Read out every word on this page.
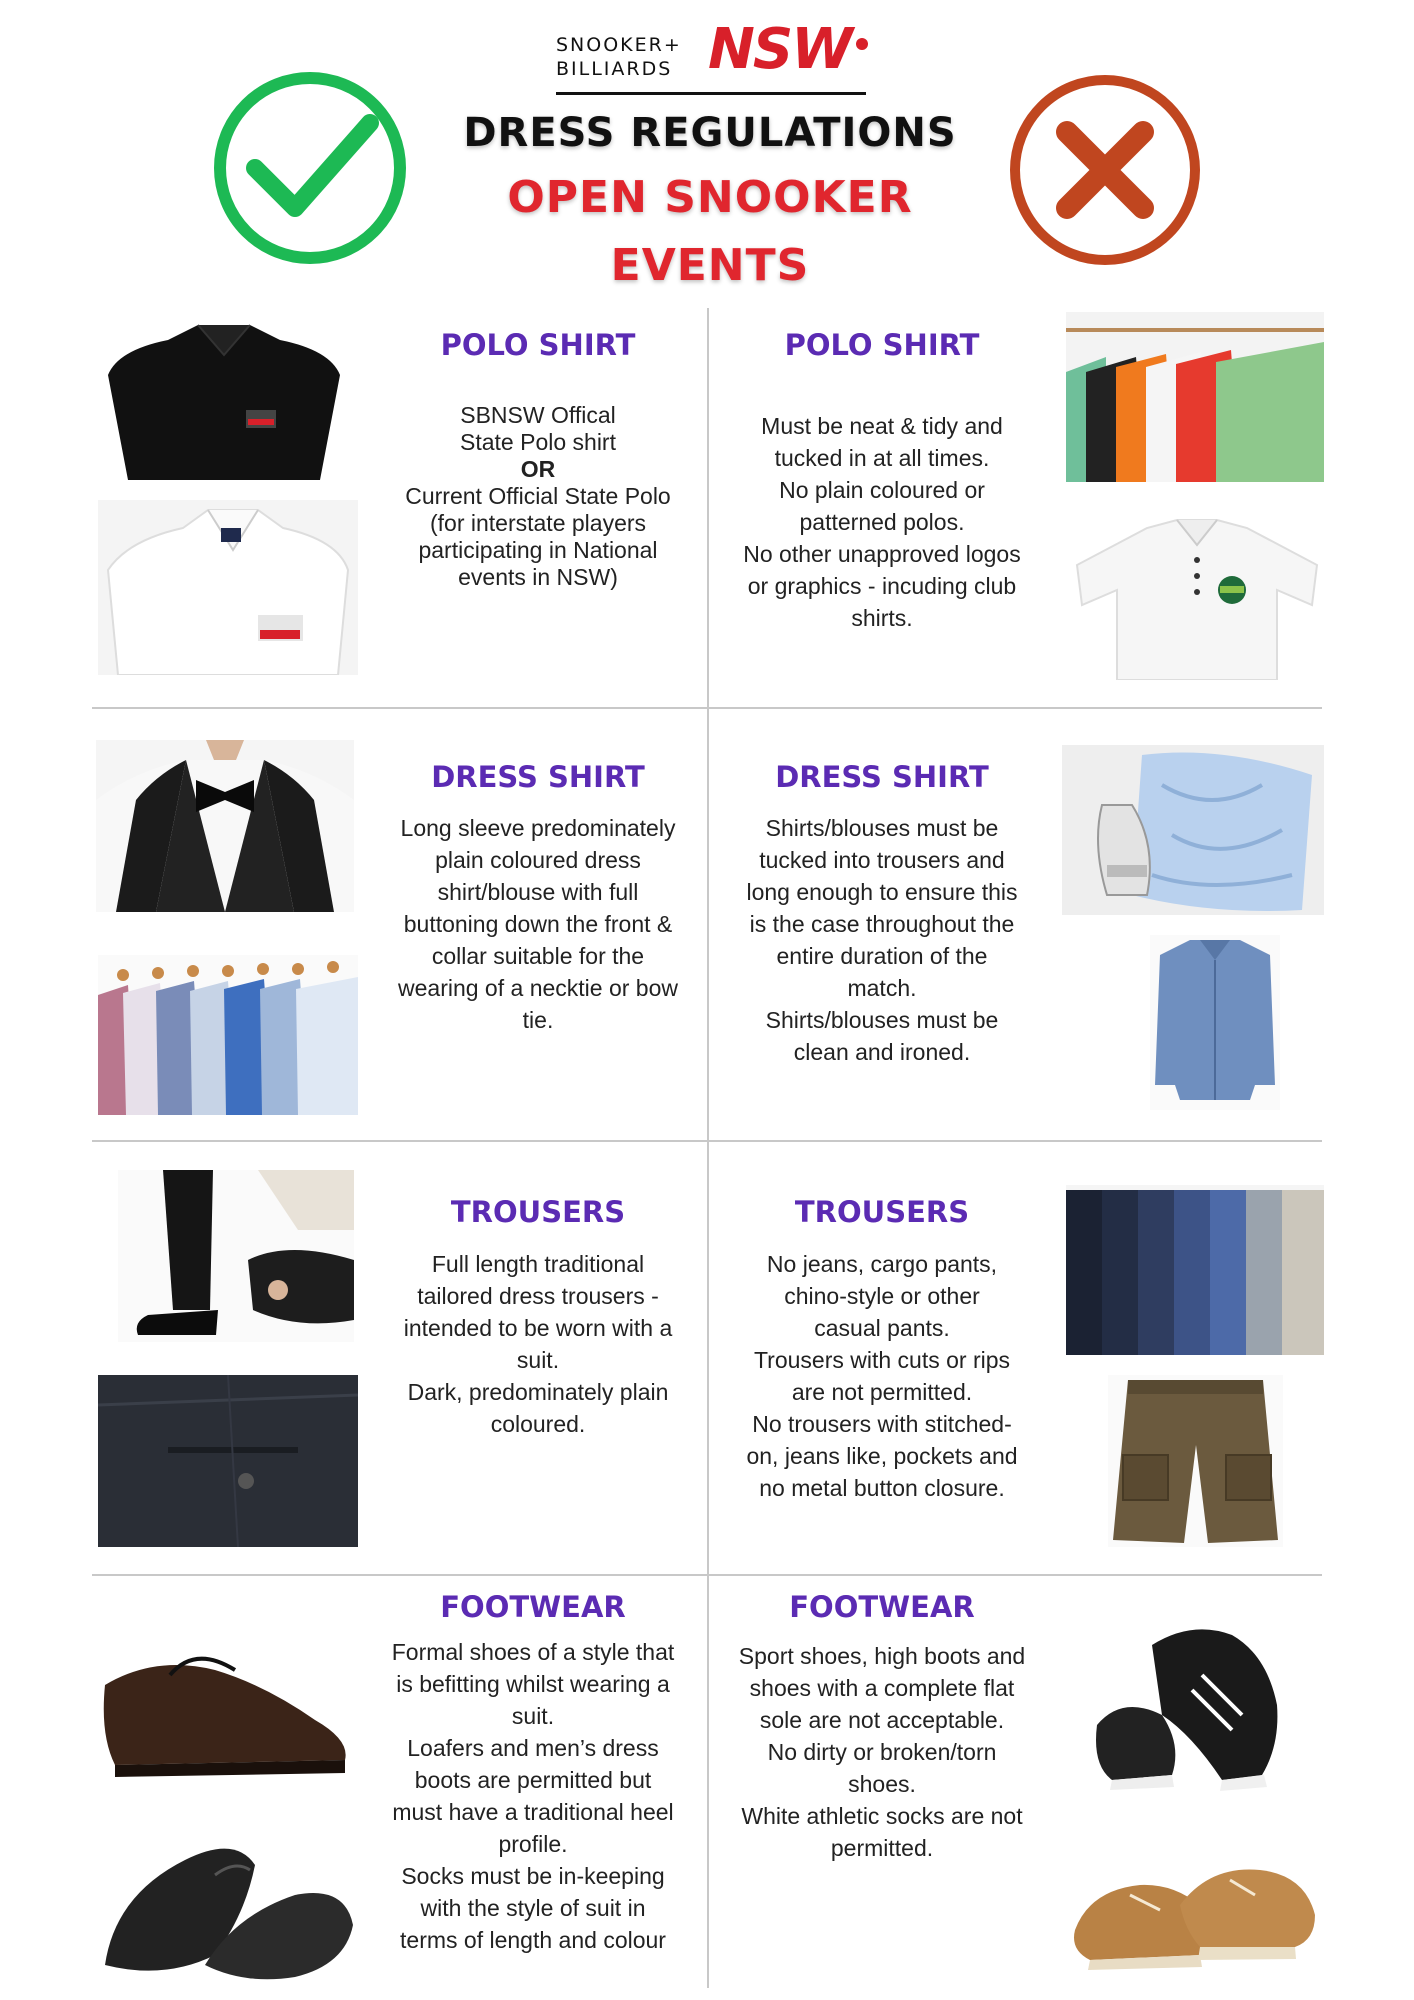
SNOOKER+
BILLIARDS NSW
DRESS REGULATIONS
OPEN SNOOKER
EVENTS
POLO SHIRT

SBNSW Offical

State Polo shirt

OR

Current Official State Polo

(for interstate players

participating in National

events in NSW)

POLO SHIRT

Must be neat & tidy and

tucked in at all times.

No plain coloured or

patterned polos.

No other unapproved logos

or graphics - incuding club

shirts.

DRESS SHIRT

Long sleeve predominately

plain coloured dress

shirt/blouse with full

buttoning down the front &

collar suitable for the

wearing of a necktie or bow

tie.

DRESS SHIRT

Shirts/blouses must be

tucked into trousers and

long enough to ensure this

is the case throughout the

entire duration of the

match.

Shirts/blouses must be

clean and ironed.

TROUSERS

Full length traditional

tailored dress trousers -

intended to be worn with a

suit.

Dark, predominately plain

coloured.

TROUSERS

No jeans, cargo pants,

chino-style or other

casual pants.

Trousers with cuts or rips

are not permitted.

No trousers with stitched-

on, jeans like, pockets and

no metal button closure.

FOOTWEAR

Formal shoes of a style that

is befitting whilst wearing a

suit.

Loafers and men’s dress

boots are permitted but

must have a traditional heel

profile.

Socks must be in-keeping

with the style of suit in

terms of length and colour

FOOTWEAR

Sport shoes, high boots and

shoes with a complete flat

sole are not acceptable.

No dirty or broken/torn

shoes.

White athletic socks are not

permitted.
